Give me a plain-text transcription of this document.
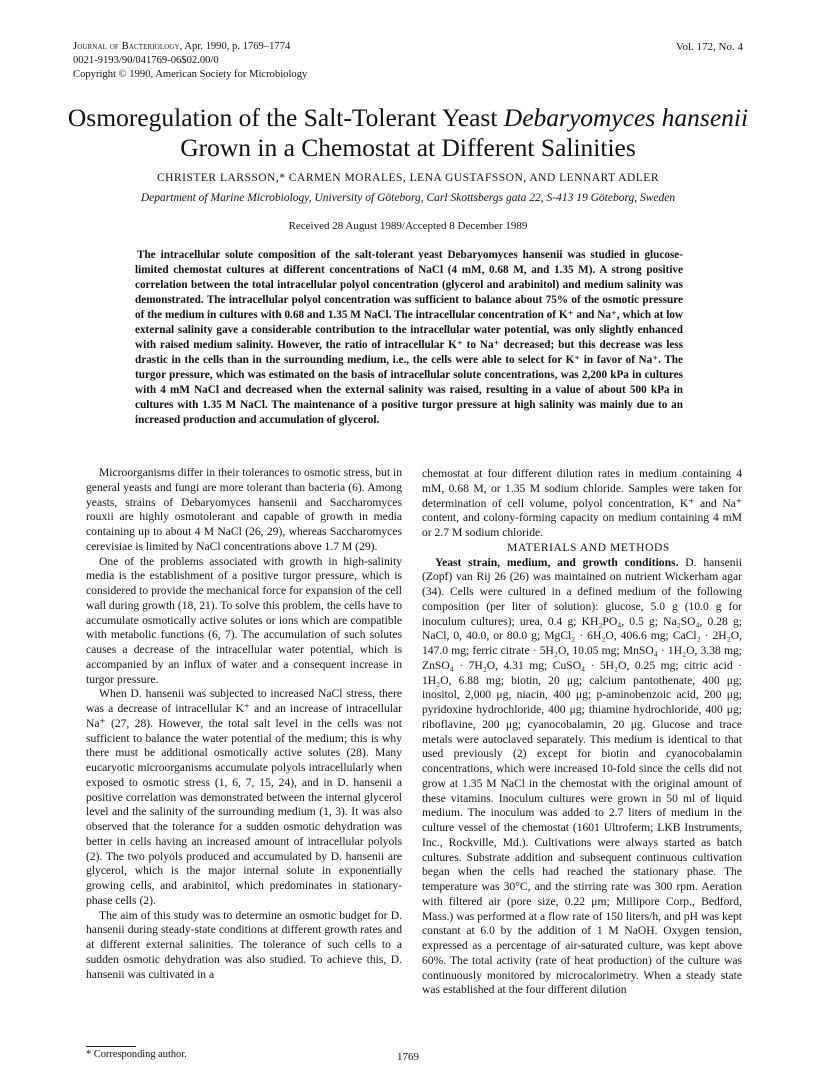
Journal of Bacteriology, Apr. 1990, p. 1769–1774
0021-9193/90/041769-06$02.00/0
Copyright © 1990, American Society for Microbiology
Vol. 172, No. 4
Osmoregulation of the Salt-Tolerant Yeast Debaryomyces hansenii
Grown in a Chemostat at Different Salinities
CHRISTER LARSSON,* CARMEN MORALES, LENA GUSTAFSSON, AND LENNART ADLER
Department of Marine Microbiology, University of Göteborg, Carl Skottsbergs gata 22, S-413 19 Göteborg, Sweden
Received 28 August 1989/Accepted 8 December 1989
The intracellular solute composition of the salt-tolerant yeast Debaryomyces hansenii was studied in glucose-limited chemostat cultures at different concentrations of NaCl (4 mM, 0.68 M, and 1.35 M). A strong positive correlation between the total intracellular polyol concentration (glycerol and arabinitol) and medium salinity was demonstrated. The intracellular polyol concentration was sufficient to balance about 75% of the osmotic pressure of the medium in cultures with 0.68 and 1.35 M NaCl. The intracellular concentration of K⁺ and Na⁺, which at low external salinity gave a considerable contribution to the intracellular water potential, was only slightly enhanced with raised medium salinity. However, the ratio of intracellular K⁺ to Na⁺ decreased; but this decrease was less drastic in the cells than in the surrounding medium, i.e., the cells were able to select for K⁺ in favor of Na⁺. The turgor pressure, which was estimated on the basis of intracellular solute concentrations, was 2,200 kPa in cultures with 4 mM NaCl and decreased when the external salinity was raised, resulting in a value of about 500 kPa in cultures with 1.35 M NaCl. The maintenance of a positive turgor pressure at high salinity was mainly due to an increased production and accumulation of glycerol.

Microorganisms differ in their tolerances to osmotic stress, but in general yeasts and fungi are more tolerant than bacteria (6). Among yeasts, strains of Debaryomyces hansenii and Saccharomyces rouxii are highly osmotolerant and capable of growth in media containing up to about 4 M NaCl (26, 29), whereas Saccharomyces cerevisiae is limited by NaCl concentrations above 1.7 M (29).

One of the problems associated with growth in high-salinity media is the establishment of a positive turgor pressure, which is considered to provide the mechanical force for expansion of the cell wall during growth (18, 21). To solve this problem, the cells have to accumulate osmotically active solutes or ions which are compatible with metabolic functions (6, 7). The accumulation of such solutes causes a decrease of the intracellular water potential, which is accompanied by an influx of water and a consequent increase in turgor pressure.

When D. hansenii was subjected to increased NaCl stress, there was a decrease of intracellular K⁺ and an increase of intracellular Na⁺ (27, 28). However, the total salt level in the cells was not sufficient to balance the water potential of the medium; this is why there must be additional osmotically active solutes (28). Many eucaryotic microorganisms accumulate polyols intracellularly when exposed to osmotic stress (1, 6, 7, 15, 24), and in D. hansenii a positive correlation was demonstrated between the internal glycerol level and the salinity of the surrounding medium (1, 3). It was also observed that the tolerance for a sudden osmotic dehydration was better in cells having an increased amount of intracellular polyols (2). The two polyols produced and accumulated by D. hansenii are glycerol, which is the major internal solute in exponentially growing cells, and arabinitol, which predominates in stationary-phase cells (2).

The aim of this study was to determine an osmotic budget for D. hansenii during steady-state conditions at different growth rates and at different external salinities. The tolerance of such cells to a sudden osmotic dehydration was also studied. To achieve this, D. hansenii was cultivated in a

chemostat at four different dilution rates in medium containing 4 mM, 0.68 M, or 1.35 M sodium chloride. Samples were taken for determination of cell volume, polyol concentration, K⁺ and Na⁺ content, and colony-forming capacity on medium containing 4 mM or 2.7 M sodium chloride.

MATERIALS AND METHODS

Yeast strain, medium, and growth conditions. D. hansenii (Zopf) van Rij 26 (26) was maintained on nutrient Wickerham agar (34). Cells were cultured in a defined medium of the following composition (per liter of solution): glucose, 5.0 g (10.0 g for inoculum cultures); urea, 0.4 g; KH₂PO₄, 0.5 g; Na₂SO₄, 0.28 g; NaCl, 0, 40.0, or 80.0 g; MgCl₂ · 6H₂O, 406.6 mg; CaCl₂ · 2H₂O, 147.0 mg; ferric citrate · 5H₂O, 10.05 mg; MnSO₄ · 1H₂O, 3.38 mg; ZnSO₄ · 7H₂O, 4.31 mg; CuSO₄ · 5H₂O, 0.25 mg; citric acid · 1H₂O, 6.88 mg; biotin, 20 μg; calcium pantothenate, 400 μg; inositol, 2,000 μg, niacin, 400 μg; p-aminobenzoic acid, 200 μg; pyridoxine hydrochloride, 400 μg; thiamine hydrochloride, 400 μg; riboflavine, 200 μg; cyanocobalamin, 20 μg. Glucose and trace metals were autoclaved separately. This medium is identical to that used previously (2) except for biotin and cyanocobalamin concentrations, which were increased 10-fold since the cells did not grow at 1.35 M NaCl in the chemostat with the original amount of these vitamins. Inoculum cultures were grown in 50 ml of liquid medium. The inoculum was added to 2.7 liters of medium in the culture vessel of the chemostat (1601 Ultroferm; LKB Instruments, Inc., Rockville, Md.). Cultivations were always started as batch cultures. Substrate addition and subsequent continuous cultivation began when the cells had reached the stationary phase. The temperature was 30°C, and the stirring rate was 300 rpm. Aeration with filtered air (pore size, 0.22 μm; Millipore Corp., Bedford, Mass.) was performed at a flow rate of 150 liters/h, and pH was kept constant at 6.0 by the addition of 1 M NaOH. Oxygen tension, expressed as a percentage of air-saturated culture, was kept above 60%. The total activity (rate of heat production) of the culture was continuously monitored by microcalorimetry. When a steady state was established at the four different dilution

* Corresponding author.	1769
